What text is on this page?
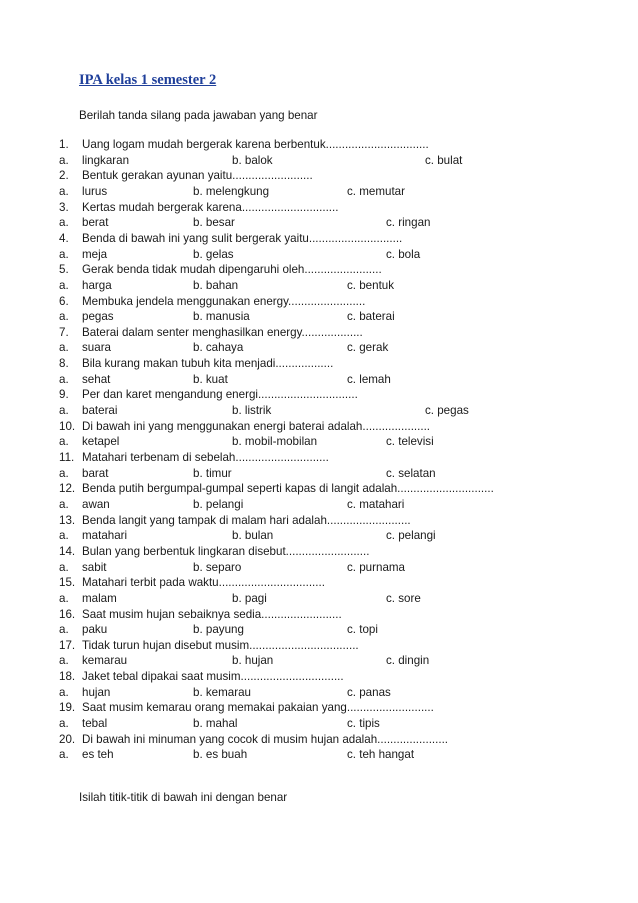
IPA kelas 1 semester 2
Berilah tanda silang pada jawaban yang benar
1. Uang logam mudah bergerak karena berbentuk................................
a. lingkaran	b. balok	c. bulat
2. Bentuk gerakan ayunan yaitu.........................
a. lurus	b. melengkung	c. memutar
3. Kertas mudah bergerak karena..............................
a. berat	b. besar	c. ringan
4. Benda di bawah ini yang sulit bergerak yaitu.............................
a. meja	b. gelas	c. bola
5. Gerak benda tidak mudah dipengaruhi oleh........................
a. harga	b. bahan	c. bentuk
6. Membuka jendela menggunakan energy........................
a. pegas	b. manusia	c. baterai
7. Baterai dalam senter menghasilkan energy...................
a. suara	b. cahaya	c. gerak
8. Bila kurang makan tubuh kita menjadi..................
a. sehat	b. kuat	c. lemah
9. Per dan karet mengandung energi...............................
a. baterai	b. listrik	c. pegas
10. Di bawah ini yang menggunakan energi baterai adalah.....................
a. ketapel	b. mobil-mobilan	c. televisi
11. Matahari terbenam di sebelah.............................
a. barat	b. timur	c. selatan
12. Benda putih bergumpal-gumpal seperti kapas di langit adalah..............................
a. awan	b. pelangi	c. matahari
13. Benda langit yang tampak di malam hari adalah..........................
a. matahari	b. bulan	c. pelangi
14. Bulan yang berbentuk lingkaran disebut..........................
a. sabit	b. separo	c. purnama
15. Matahari terbit pada waktu.................................
a. malam	b. pagi	c. sore
16. Saat musim hujan sebaiknya sedia.........................
a. paku	b. payung	c. topi
17. Tidak turun hujan disebut musim..................................
a. kemarau	b. hujan	c. dingin
18. Jaket tebal dipakai saat musim................................
a. hujan	b. kemarau	c. panas
19. Saat musim kemarau orang memakai pakaian yang...........................
a. tebal	b. mahal	c. tipis
20. Di bawah ini minuman yang cocok di musim hujan adalah......................
a. es teh	b. es buah	c. teh hangat
Isilah titik-titik di bawah ini dengan benar
